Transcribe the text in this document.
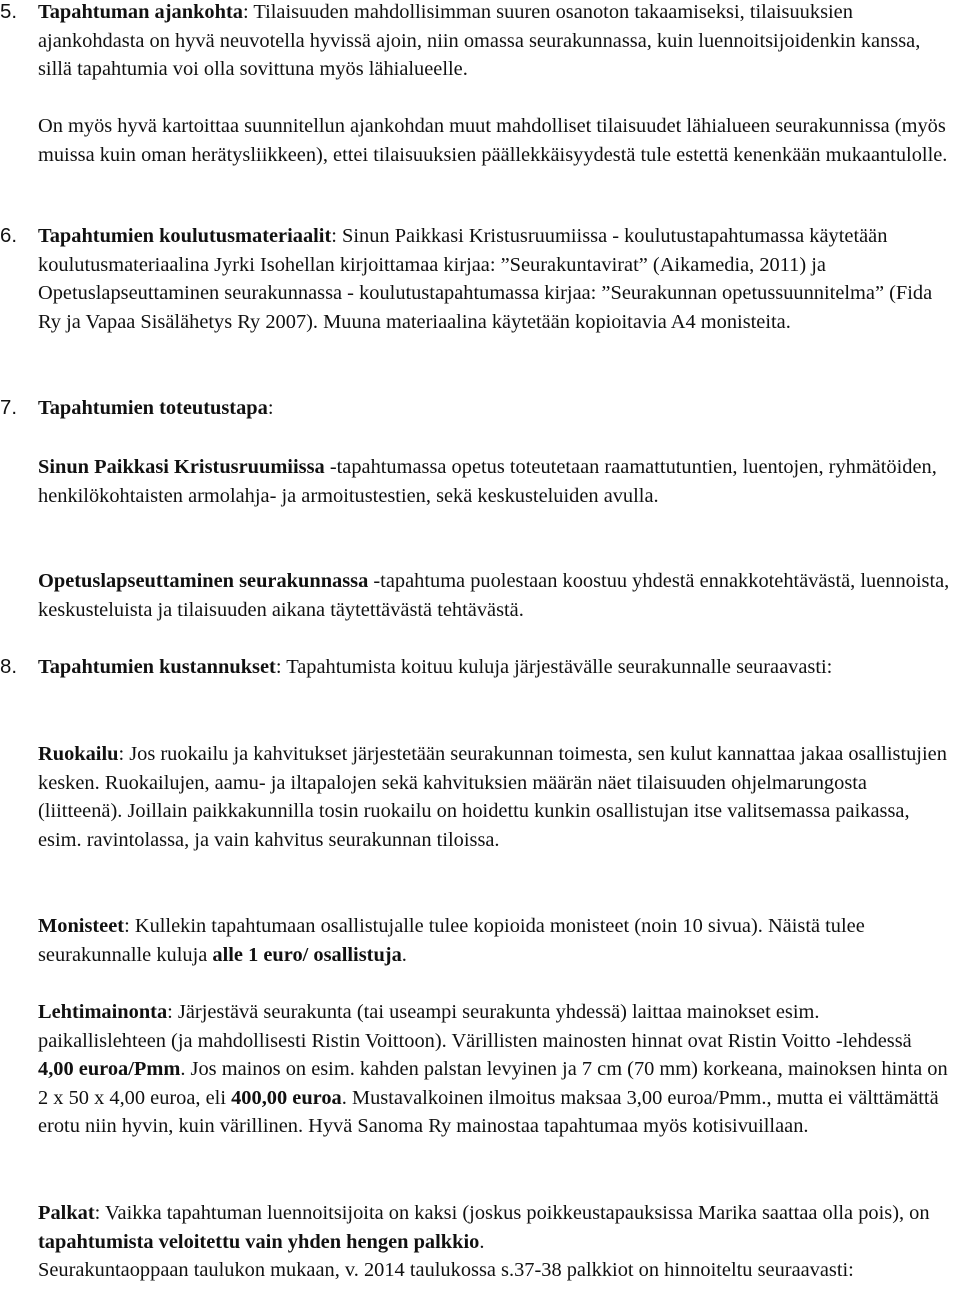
5. Tapahtuman ajankohta: Tilaisuuden mahdollisimman suuren osanoton takaamiseksi, tilaisuuksien ajankohdasta on hyvä neuvotella hyvissä ajoin, niin omassa seurakunnassa, kuin luennoitsijoidenkin kanssa, sillä tapahtumia voi olla sovittuna myös lähialueelle.

On myös hyvä kartoittaa suunnitellun ajankohdan muut mahdolliset tilaisuudet lähialueen seurakunnissa (myös muissa kuin oman herätysliikkeen), ettei tilaisuuksien päällekkäisyydestä tule estettä kenenkään mukaantulolle.

6. Tapahtumien koulutusmateriaalit: Sinun Paikkasi Kristusruumiissa - koulutustapahtumassa käytetään koulutusmateriaalina Jyrki Isohellan kirjoittamaa kirjaa: ”Seurakuntavirat” (Aikamedia, 2011) ja Opetuslapseuttaminen seurakunnassa - koulutustapahtumassa kirjaa: ”Seurakunnan opetussuunnitelma” (Fida Ry ja Vapaa Sisälähetys Ry 2007). Muuna materiaalina käytetään kopioitavia A4 monisteita.

7. Tapahtumien toteutustapa:

Sinun Paikkasi Kristusruumiissa -tapahtumassa opetus toteutetaan raamattutuntien, luentojen, ryhmätöiden, henkilökohtaisten armolahja- ja armoitustestien, sekä keskusteluiden avulla.

Opetuslapseuttaminen seurakunnassa -tapahtuma puolestaan koostuu yhdestä ennakkotehtävästä, luennoista, keskusteluista ja tilaisuuden aikana täytettävästä tehtävästä.

8. Tapahtumien kustannukset: Tapahtumista koituu kuluja järjestävälle seurakunnalle seuraavasti:

Ruokailu: Jos ruokailu ja kahvitukset järjestetään seurakunnan toimesta, sen kulut kannattaa jakaa osallistujien kesken. Ruokailujen, aamu- ja iltapalojen sekä kahvituksien määrän näet tilaisuuden ohjelmarungosta (liitteenä). Joillain paikkakunnilla tosin ruokailu on hoidettu kunkin osallistujan itse valitsemassa paikassa, esim. ravintolassa, ja vain kahvitus seurakunnan tiloissa.

Monisteet: Kullekin tapahtumaan osallistujalle tulee kopioida monisteet (noin 10 sivua). Näistä tulee seurakunnalle kuluja alle 1 euro/ osallistuja.

Lehtimainonta: Järjestävä seurakunta (tai useampi seurakunta yhdessä) laittaa mainokset esim. paikallislehteen (ja mahdollisesti Ristin Voittoon). Värillisten mainosten hinnat ovat Ristin Voitto -lehdessä 4,00 euroa/Pmm. Jos mainos on esim. kahden palstan levyinen ja 7 cm (70 mm) korkeana, mainoksen hinta on 2 x 50 x 4,00 euroa, eli 400,00 euroa. Mustavalkoinen ilmoitus maksaa 3,00 euroa/Pmm., mutta ei välttämättä erotu niin hyvin, kuin värillinen. Hyvä Sanoma Ry mainostaa tapahtumaa myös kotisivuillaan.

Palkat: Vaikka tapahtuman luennoitsijoita on kaksi (joskus poikkeustapauksissa Marika saattaa olla pois), on tapahtumista veloitettu vain yhden hengen palkkio.

Seurakuntaoppaan taulukon mukaan, v. 2014 taulukossa s.37-38 palkkiot on hinnoiteltu seuraavasti:
